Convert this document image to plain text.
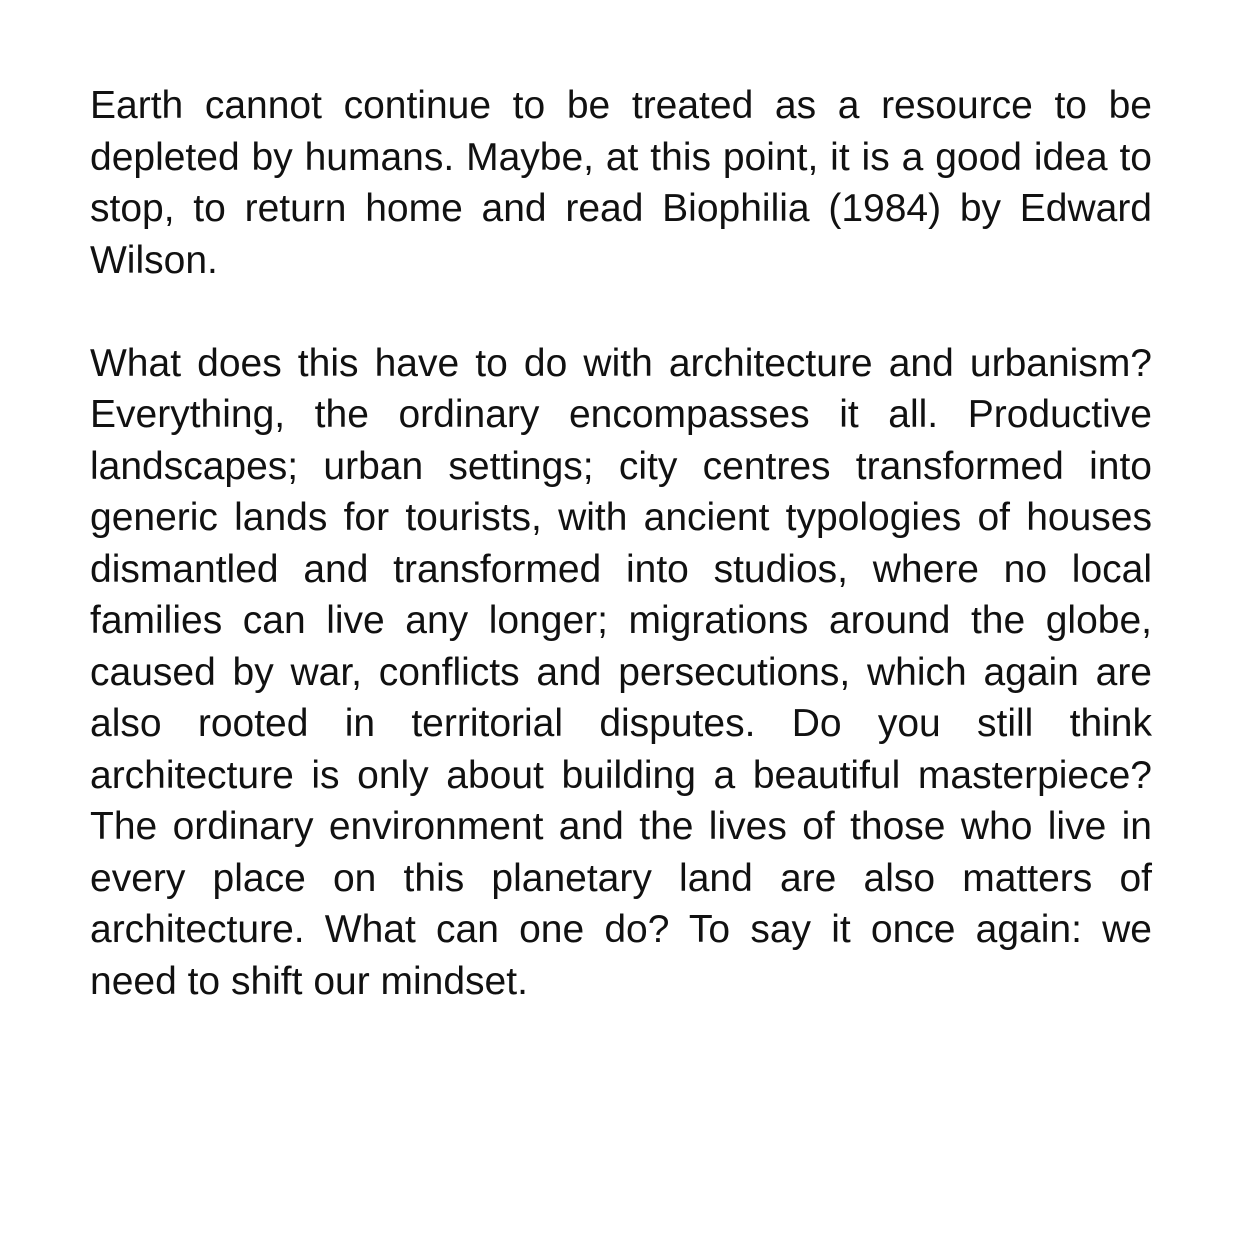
Earth cannot continue to be treated as a resource to be depleted by humans. Maybe, at this point, it is a good idea to stop, to return home and read Biophilia (1984) by Edward Wilson.

What does this have to do with architecture and urbanism? Everything, the ordinary encompasses it all. Productive landscapes; urban settings; city centres transformed into generic lands for tourists, with ancient typologies of houses dismantled and transformed into studios, where no local families can live any longer; migrations around the globe, caused by war, conflicts and persecutions, which again are also rooted in territorial disputes. Do you still think architecture is only about building a beautiful masterpiece? The ordinary environment and the lives of those who live in every place on this planetary land are also matters of architecture. What can one do? To say it once again: we need to shift our mindset.
